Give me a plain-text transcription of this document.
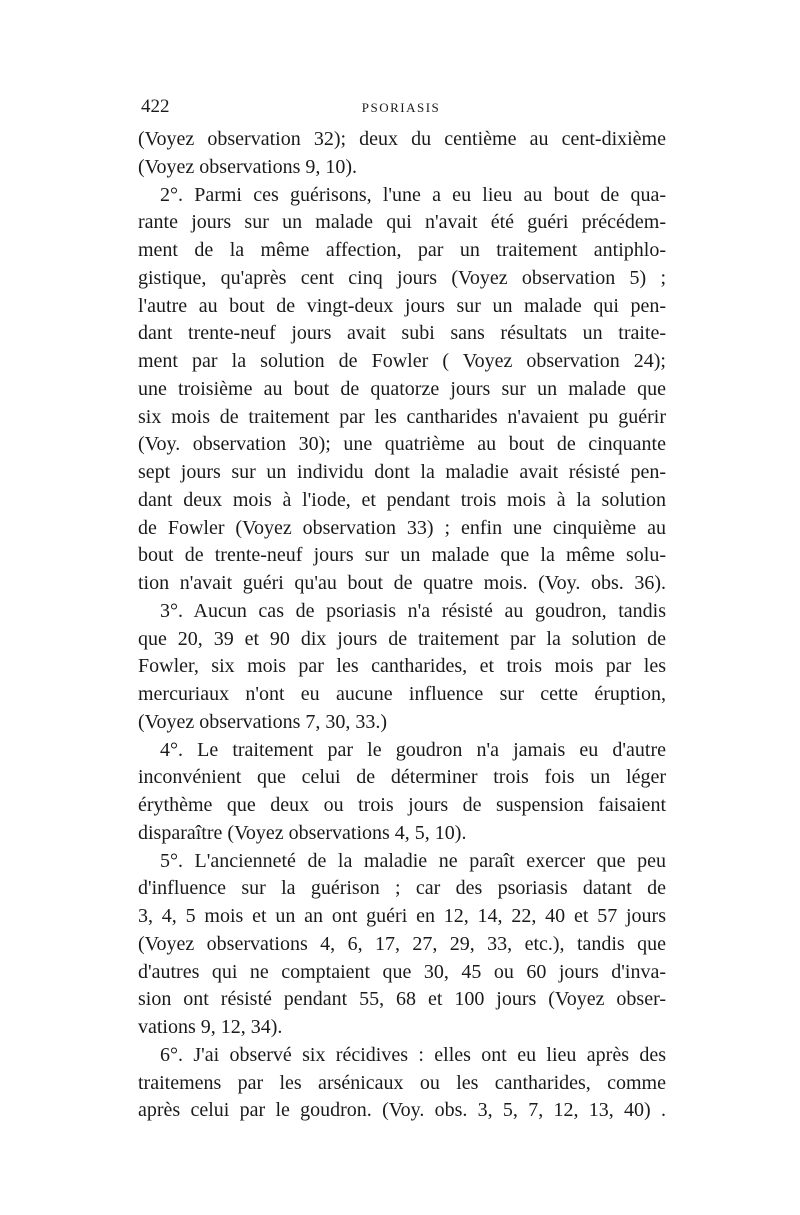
422	PSORIASIS
(Voyez observation 32); deux du centième au cent-dixième
(Voyez observations 9, 10).
2°. Parmi ces guérisons, l'une a eu lieu au bout de qua-
rante jours sur un malade qui n'avait été guéri précédem-
ment de la même affection, par un traitement antiphlo-
gistique, qu'après cent cinq jours (Voyez observation 5) ;
l'autre au bout de vingt-deux jours sur un malade qui pen-
dant trente-neuf jours avait subi sans résultats un traite-
ment par la solution de Fowler ( Voyez observation 24);
une troisième au bout de quatorze jours sur un malade que
six mois de traitement par les cantharides n'avaient pu guérir
(Voy. observation 30); une quatrième au bout de cinquante
sept jours sur un individu dont la maladie avait résisté pen-
dant deux mois à l'iode, et pendant trois mois à la solution
de Fowler (Voyez observation 33) ; enfin une cinquième au
bout de trente-neuf jours sur un malade que la même solu-
tion n'avait guéri qu'au bout de quatre mois. (Voy. obs. 36).
3°. Aucun cas de psoriasis n'a résisté au goudron, tandis
que 20, 39 et 90 dix jours de traitement par la solution de
Fowler, six mois par les cantharides, et trois mois par les
mercuriaux n'ont eu aucune influence sur cette éruption,
(Voyez observations 7, 30, 33.)
4°. Le traitement par le goudron n'a jamais eu d'autre
inconvénient que celui de déterminer trois fois un léger
érythème que deux ou trois jours de suspension faisaient
disparaître (Voyez observations 4, 5, 10).
5°. L'ancienneté de la maladie ne paraît exercer que peu
d'influence sur la guérison ; car des psoriasis datant de
3, 4, 5 mois et un an ont guéri en 12, 14, 22, 40 et 57 jours
(Voyez observations 4, 6, 17, 27, 29, 33, etc.), tandis que
d'autres qui ne comptaient que 30, 45 ou 60 jours d'inva-
sion ont résisté pendant 55, 68 et 100 jours (Voyez obser-
vations 9, 12, 34).
6°. J'ai observé six récidives : elles ont eu lieu après des
traitemens par les arsénicaux ou les cantharides, comme
après celui par le goudron. (Voy. obs. 3, 5, 7, 12, 13, 40) .
